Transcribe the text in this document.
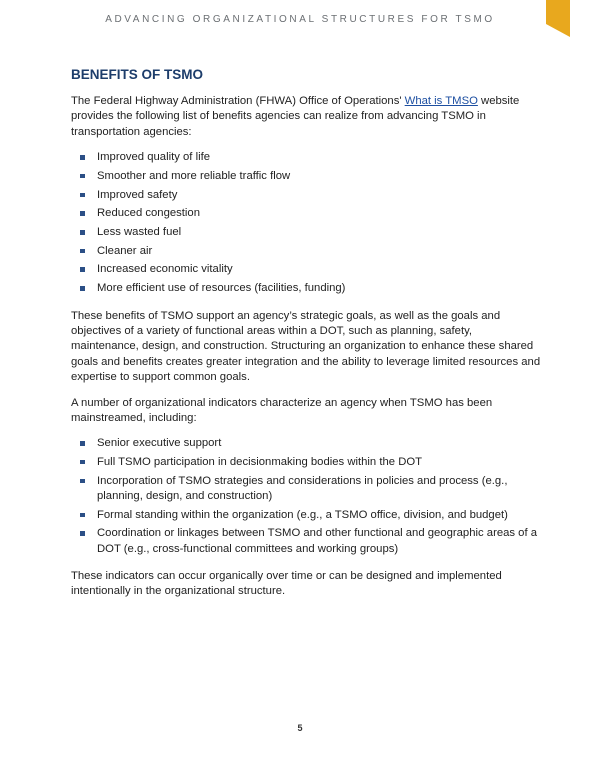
ADVANCING ORGANIZATIONAL STRUCTURES FOR TSMO
BENEFITS OF TSMO

The Federal Highway Administration (FHWA) Office of Operations' What is TMSO website provides the following list of benefits agencies can realize from advancing TSMO in transportation agencies:

Improved quality of life
Smoother and more reliable traffic flow
Improved safety
Reduced congestion
Less wasted fuel
Cleaner air
Increased economic vitality
More efficient use of resources (facilities, funding)

These benefits of TSMO support an agency’s strategic goals, as well as the goals and objectives of a variety of functional areas within a DOT, such as planning, safety, maintenance, design, and construction. Structuring an organization to enhance these shared goals and benefits creates greater integration and the ability to leverage limited resources and expertise to support common goals.

A number of organizational indicators characterize an agency when TSMO has been mainstreamed, including:

Senior executive support
Full TSMO participation in decisionmaking bodies within the DOT
Incorporation of TSMO strategies and considerations in policies and process (e.g., planning, design, and construction)
Formal standing within the organization (e.g., a TSMO office, division, and budget)
Coordination or linkages between TSMO and other functional and geographic areas of a DOT (e.g., cross-functional committees and working groups)

These indicators can occur organically over time or can be designed and implemented intentionally in the organizational structure.

5
